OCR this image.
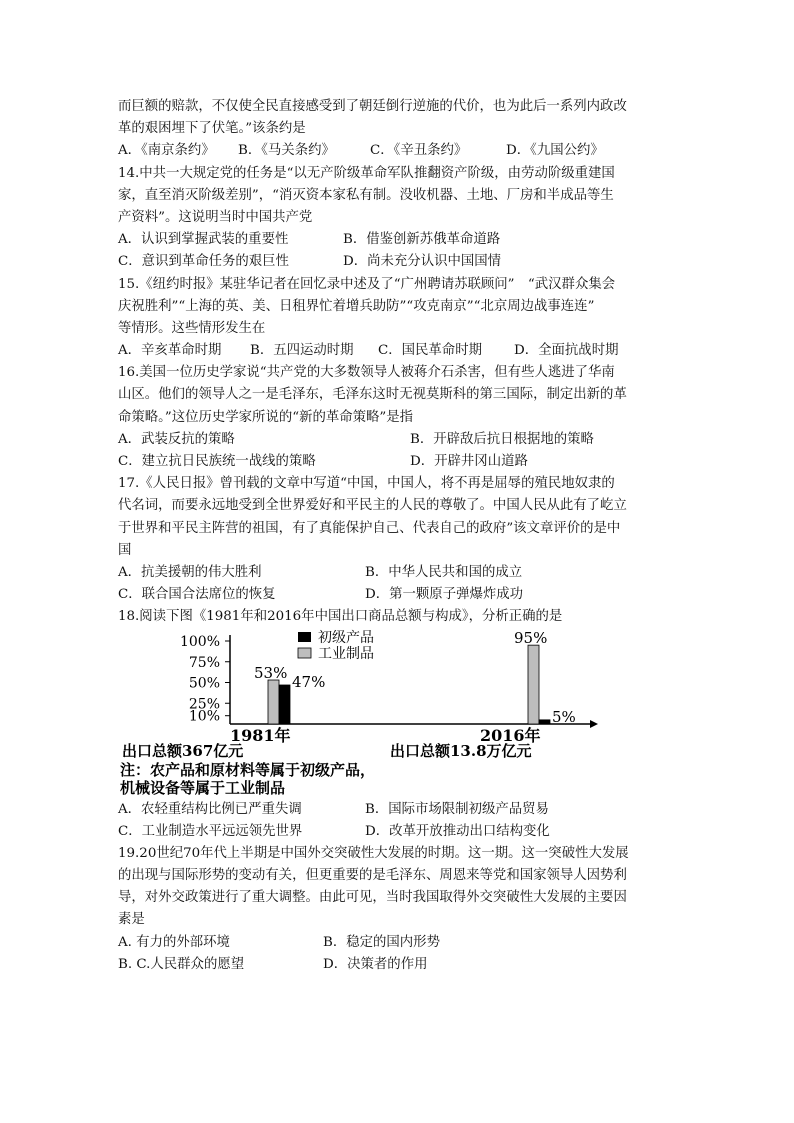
而巨额的赔款，不仅使全民直接感受到了朝廷倒行逆施的代价，也为此后一系列内政改
革的艰困埋下了伏笔。”该条约是
A．《南京条约》	B．《马关条约》	C．《辛丑条约》	D．《九国公约》
14.中共一大规定党的任务是“以无产阶级革命军队推翻资产阶级，由劳动阶级重建国
家，直至消灭阶级差别”，“消灭资本家私有制。没收机器、土地、厂房和半成品等生
产资料”。这说明当时中国共产党
A．认识到掌握武装的重要性	B．借鉴创新苏俄革命道路
C．意识到革命任务的艰巨性	D．尚未充分认识中国国情
15.《纽约时报》某驻华记者在回忆录中述及了“广州聘请苏联顾问”　“武汉群众集会
庆祝胜利”“上海的英、美、日租界忙着增兵助防”“攻克南京”“北京周边战事连连”
等情形。这些情形发生在
A．辛亥革命时期	B．五四运动时期	C．国民革命时期	D．全面抗战时期
16.美国一位历史学家说“共产党的大多数领导人被蒋介石杀害，但有些人逃进了华南
山区。他们的领导人之一是毛泽东，毛泽东这时无视莫斯科的第三国际，制定出新的革
命策略。”这位历史学家所说的“新的革命策略”是指
A．武装反抗的策略	B．开辟敌后抗日根据地的策略
C．建立抗日民族统一战线的策略	D．开辟井冈山道路
17.《人民日报》曾刊载的文章中写道“中国，中国人，将不再是屈辱的殖民地奴隶的
代名词，而要永远地受到全世界爱好和平民主的人民的尊敬了。中国人民从此有了屹立
于世界和平民主阵营的祖国，有了真能保护自己、代表自己的政府”该文章评价的是中
国
A．抗美援朝的伟大胜利	B．中华人民共和国的成立
C．联合国合法席位的恢复	D．第一颗原子弹爆炸成功
18.阅读下图《1981年和2016年中国出口商品总额与构成》，分析正确的是
100%
75%
50%
25%
10%
53% 47%
95%
5%
1981年	2016年
初级产品
工业制品
出口总额367亿元	出口总额13.8万亿元
注：农产品和原材料等属于初级产品，
机械设备等属于工业制品
A．农轻重结构比例已严重失调	B．国际市场限制初级产品贸易
C．工业制造水平远远领先世界	D．改革开放推动出口结构变化
19.20世纪70年代上半期是中国外交突破性大发展的时期。这一期。这一突破性大发展
的出现与国际形势的变动有关，但更重要的是毛泽东、周恩来等党和国家领导人因势利
导，对外交政策进行了重大调整。由此可见，当时我国取得外交突破性大发展的主要因
素是
A. 有力的外部环境	B．稳定的国内形势
B. C.人民群众的愿望	D．决策者的作用
